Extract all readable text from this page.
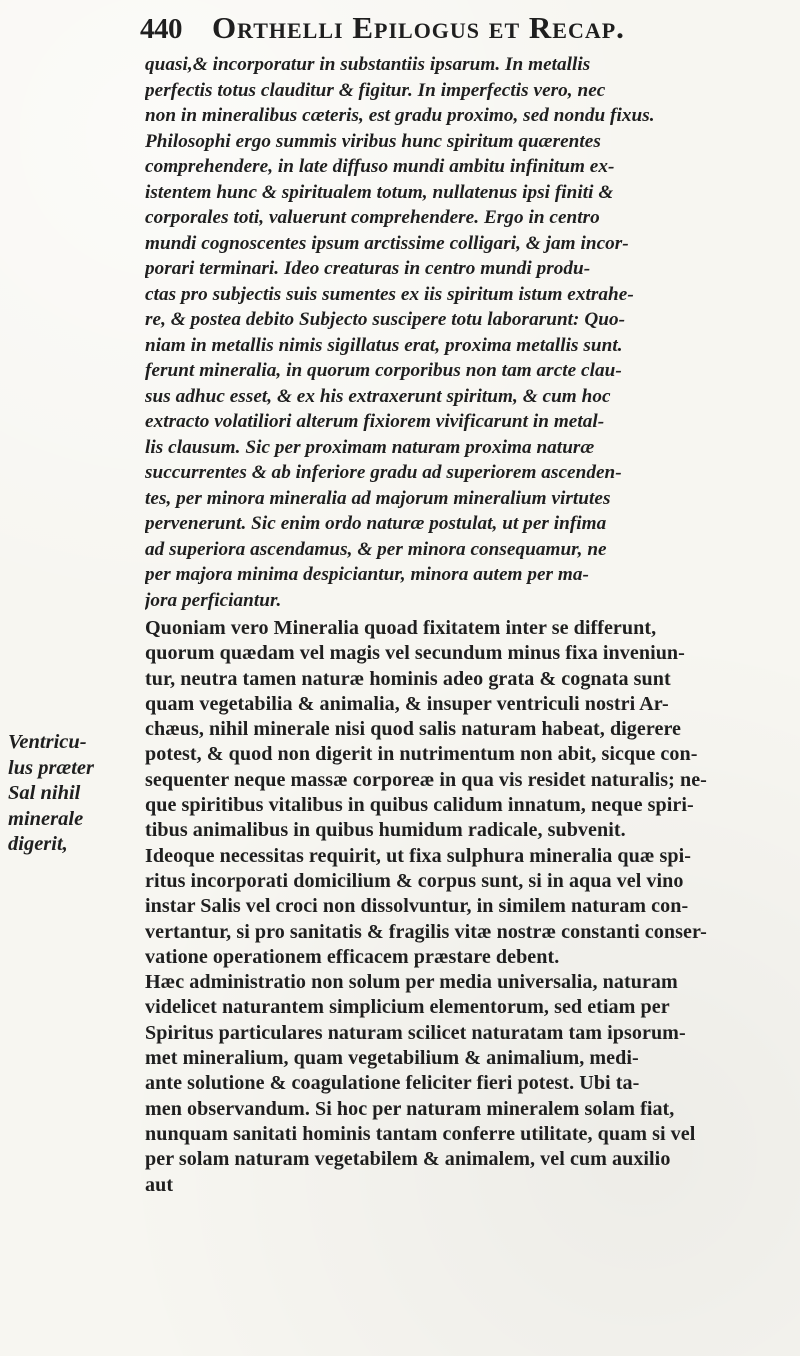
440 Orthelli Epilogus et Recap.
Ventricu-
lus præter
Sal nihil
minerale
digerit,
quasi,& incorporatur in substantiis ipsarum. In metallis
perfectis totus clauditur & figitur. In imperfectis vero, nec
non in mineralibus cæteris, est gradu proximo, sed nondu fixus.
Philosophi ergo summis viribus hunc spiritum quærentes
comprehendere, in late diffuso mundi ambitu infinitum ex-
istentem hunc & spiritualem totum, nullatenus ipsi finiti &
corporales toti, valuerunt comprehendere. Ergo in centro
mundi cognoscentes ipsum arctissime colligari, & jam incor-
porari terminari. Ideo creaturas in centro mundi produ-
ctas pro subjectis suis sumentes ex iis spiritum istum extrahe-
re, & postea debito Subjecto suscipere totu laborarunt: Quo-
niam in metallis nimis sigillatus erat, proxima metallis sunt.
ferunt mineralia, in quorum corporibus non tam arcte clau-
sus adhuc esset, & ex his extraxerunt spiritum, & cum hoc
extracto volatiliori alterum fixiorem vivificarunt in metal-
lis clausum. Sic per proximam naturam proxima naturæ
succurrentes & ab inferiore gradu ad superiorem ascenden-
tes, per minora mineralia ad majorum mineralium virtutes
pervenerunt. Sic enim ordo naturæ postulat, ut per infima
ad superiora ascendamus, & per minora consequamur, ne
per majora minima despiciantur, minora autem per ma-
jora perficiantur.
Quoniam vero Mineralia quoad fixitatem inter se differunt,
quorum quædam vel magis vel secundum minus fixa inveniun-
tur, neutra tamen naturæ hominis adeo grata & cognata sunt
quam vegetabilia & animalia, & insuper ventriculi nostri Ar-
chæus, nihil minerale nisi quod salis naturam habeat, digerere
potest, & quod non digerit in nutrimentum non abit, sicque con-
sequenter neque massæ corporeæ in qua vis residet naturalis; ne-
que spiritibus vitalibus in quibus calidum innatum, neque spiri-
tibus animalibus in quibus humidum radicale, subvenit.
Ideoque necessitas requirit, ut fixa sulphura mineralia quæ spi-
ritus incorporati domicilium & corpus sunt, si in aqua vel vino
instar Salis vel croci non dissolvuntur, in similem naturam con-
vertantur, si pro sanitatis & fragilis vitæ nostræ constanti conser-
vatione operationem efficacem præstare debent.
Hæc administratio non solum per media universalia, naturam
videlicet naturantem simplicium elementorum, sed etiam per
Spiritus particulares naturam scilicet naturatam tam ipsorum-
met mineralium, quam vegetabilium & animalium, medi-
ante solutione & coagulatione feliciter fieri potest. Ubi ta-
men observandum. Si hoc per naturam mineralem solam fiat,
nunquam sanitati hominis tantam conferre utilitate, quam si vel
per solam naturam vegetabilem & animalem, vel cum auxilio
aut
